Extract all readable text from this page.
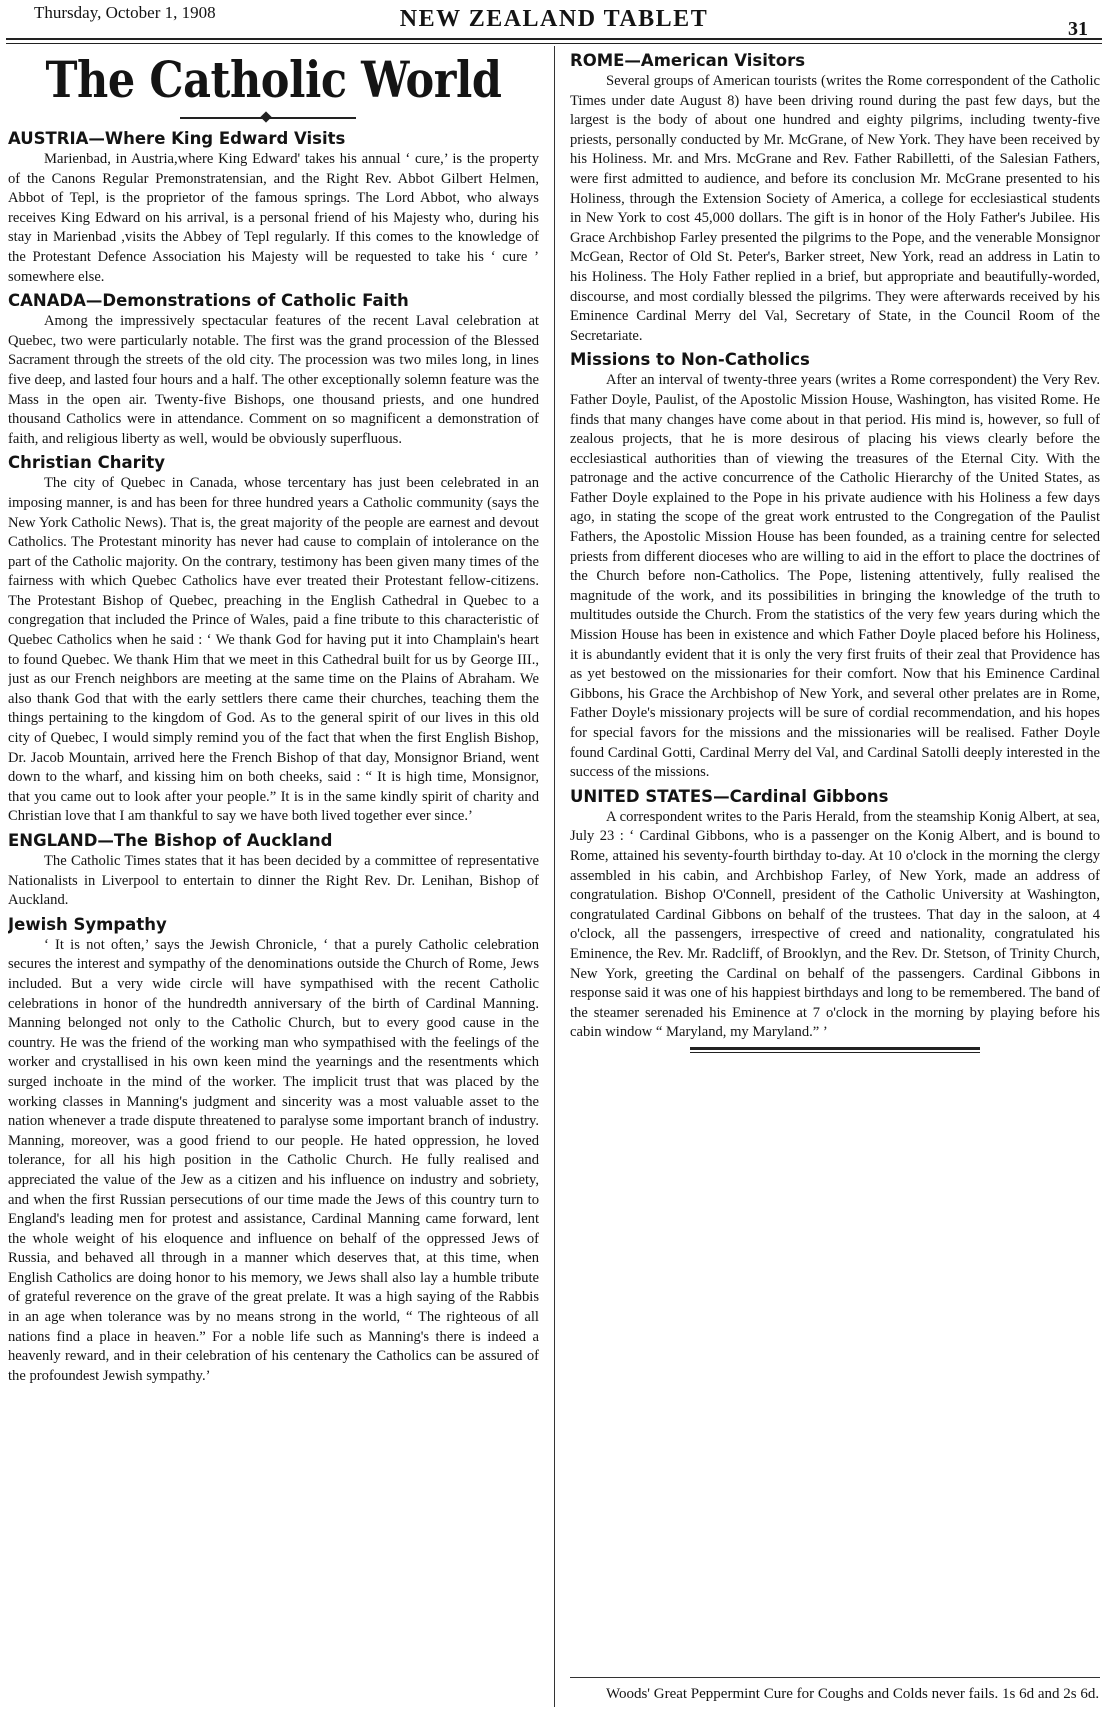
Thursday, October 1, 1908	NEW ZEALAND TABLET	31
The Catholic World
AUSTRIA—Where King Edward Visits

Marienbad, in Austria,where King Edward' takes his annual ‘ cure,’ is the property of the Canons Regular Premonstratensian, and the Right Rev. Abbot Gilbert Helmen, Abbot of Tepl, is the proprietor of the famous springs. The Lord Abbot, who always receives King Edward on his arrival, is a personal friend of his Majesty who, during his stay in Marienbad ,visits the Abbey of Tepl regularly. If this comes to the knowledge of the Protestant Defence Association his Majesty will be requested to take his ‘ cure ’ somewhere else.

CANADA—Demonstrations of Catholic Faith

Among the impressively spectacular features of the recent Laval celebration at Quebec, two were particularly notable. The first was the grand procession of the Blessed Sacrament through the streets of the old city. The procession was two miles long, in lines five deep, and lasted four hours and a half. The other exceptionally solemn feature was the Mass in the open air. Twenty-five Bishops, one thousand priests, and one hundred thousand Catholics were in attendance. Comment on so magnificent a demonstration of faith, and religious liberty as well, would be obviously superfluous.

Christian Charity

The city of Quebec in Canada, whose tercentary has just been celebrated in an imposing manner, is and has been for three hundred years a Catholic community (says the New York Catholic News). That is, the great majority of the people are earnest and devout Catholics. The Protestant minority has never had cause to complain of intolerance on the part of the Catholic majority. On the contrary, testimony has been given many times of the fairness with which Quebec Catholics have ever treated their Protestant fellow-citizens. The Protestant Bishop of Quebec, preaching in the English Cathedral in Quebec to a congregation that included the Prince of Wales, paid a fine tribute to this characteristic of Quebec Catholics when he said : ‘ We thank God for having put it into Champlain's heart to found Quebec. We thank Him that we meet in this Cathedral built for us by George III., just as our French neighbors are meeting at the same time on the Plains of Abraham. We also thank God that with the early settlers there came their churches, teaching them the things pertaining to the kingdom of God. As to the general spirit of our lives in this old city of Quebec, I would simply remind you of the fact that when the first English Bishop, Dr. Jacob Mountain, arrived here the French Bishop of that day, Monsignor Briand, went down to the wharf, and kissing him on both cheeks, said : “ It is high time, Monsignor, that you came out to look after your people.” It is in the same kindly spirit of charity and Christian love that I am thankful to say we have both lived together ever since.’

ENGLAND—The Bishop of Auckland

The Catholic Times states that it has been decided by a committee of representative Nationalists in Liverpool to entertain to dinner the Right Rev. Dr. Lenihan, Bishop of Auckland.

Jewish Sympathy

‘ It is not often,’ says the Jewish Chronicle, ‘ that a purely Catholic celebration secures the interest and sympathy of the denominations outside the Church of Rome, Jews included. But a very wide circle will have sympathised with the recent Catholic celebrations in honor of the hundredth anniversary of the birth of Cardinal Manning. Manning belonged not only to the Catholic Church, but to every good cause in the country. He was the friend of the working man who sympathised with the feelings of the worker and crystallised in his own keen mind the yearnings and the resentments which surged inchoate in the mind of the worker. The implicit trust that was placed by the working classes in Manning's judgment and sincerity was a most valuable asset to the nation whenever a trade dispute threatened to paralyse some important branch of industry. Manning, moreover, was a good friend to our people. He hated oppression, he loved tolerance, for all his high position in the Catholic Church. He fully realised and appreciated the value of the Jew as a citizen and his influence on industry and sobriety, and when the first Russian persecutions of our time made the Jews of this country turn to England's leading men for protest and assistance, Cardinal Manning came forward, lent the whole weight of his eloquence and influence on behalf of the oppressed Jews of Russia, and behaved all through in a manner which deserves that, at this time, when English Catholics are doing honor to his memory, we Jews shall also lay a humble tribute of grateful reverence on the grave of the great prelate. It was a high saying of the Rabbis in an age when tolerance was by no means strong in the world, “ The righteous of all nations find a place in heaven.” For a noble life such as Manning's there is indeed a heavenly reward, and in their celebration of his centenary the Catholics can be assured of the profoundest Jewish sympathy.’

ROME—American Visitors

Several groups of American tourists (writes the Rome correspondent of the Catholic Times under date August 8) have been driving round during the past few days, but the largest is the body of about one hundred and eighty pilgrims, including twenty-five priests, personally conducted by Mr. McGrane, of New York. They have been received by his Holiness. Mr. and Mrs. McGrane and Rev. Father Rabilletti, of the Salesian Fathers, were first admitted to audience, and before its conclusion Mr. McGrane presented to his Holiness, through the Extension Society of America, a college for ecclesiastical students in New York to cost 45,000 dollars. The gift is in honor of the Holy Father's Jubilee. His Grace Archbishop Farley presented the pilgrims to the Pope, and the venerable Monsignor McGean, Rector of Old St. Peter's, Barker street, New York, read an address in Latin to his Holiness. The Holy Father replied in a brief, but appropriate and beautifully-worded, discourse, and most cordially blessed the pilgrims. They were afterwards received by his Eminence Cardinal Merry del Val, Secretary of State, in the Council Room of the Secretariate.

Missions to Non-Catholics

After an interval of twenty-three years (writes a Rome correspondent) the Very Rev. Father Doyle, Paulist, of the Apostolic Mission House, Washington, has visited Rome. He finds that many changes have come about in that period. His mind is, however, so full of zealous projects, that he is more desirous of placing his views clearly before the ecclesiastical authorities than of viewing the treasures of the Eternal City. With the patronage and the active concurrence of the Catholic Hierarchy of the United States, as Father Doyle explained to the Pope in his private audience with his Holiness a few days ago, in stating the scope of the great work entrusted to the Congregation of the Paulist Fathers, the Apostolic Mission House has been founded, as a training centre for selected priests from different dioceses who are willing to aid in the effort to place the doctrines of the Church before non-Catholics. The Pope, listening attentively, fully realised the magnitude of the work, and its possibilities in bringing the knowledge of the truth to multitudes outside the Church. From the statistics of the very few years during which the Mission House has been in existence and which Father Doyle placed before his Holiness, it is abundantly evident that it is only the very first fruits of their zeal that Providence has as yet bestowed on the missionaries for their comfort. Now that his Eminence Cardinal Gibbons, his Grace the Archbishop of New York, and several other prelates are in Rome, Father Doyle's missionary projects will be sure of cordial recommendation, and his hopes for special favors for the missions and the missionaries will be realised. Father Doyle found Cardinal Gotti, Cardinal Merry del Val, and Cardinal Satolli deeply interested in the success of the missions.

UNITED STATES—Cardinal Gibbons

A correspondent writes to the Paris Herald, from the steamship Konig Albert, at sea, July 23 : ‘ Cardinal Gibbons, who is a passenger on the Konig Albert, and is bound to Rome, attained his seventy-fourth birthday to-day. At 10 o'clock in the morning the clergy assembled in his cabin, and Archbishop Farley, of New York, made an address of congratulation. Bishop O'Connell, president of the Catholic University at Washington, congratulated Cardinal Gibbons on behalf of the trustees. That day in the saloon, at 4 o'clock, all the passengers, irrespective of creed and nationality, congratulated his Eminence, the Rev. Mr. Radcliff, of Brooklyn, and the Rev. Dr. Stetson, of Trinity Church, New York, greeting the Cardinal on behalf of the passengers. Cardinal Gibbons in response said it was one of his happiest birthdays and long to be remembered. The band of the steamer serenaded his Eminence at 7 o'clock in the morning by playing before his cabin window “ Maryland, my Maryland.” ’

Woods' Great Peppermint Cure for Coughs and Colds never fails. 1s 6d and 2s 6d.
